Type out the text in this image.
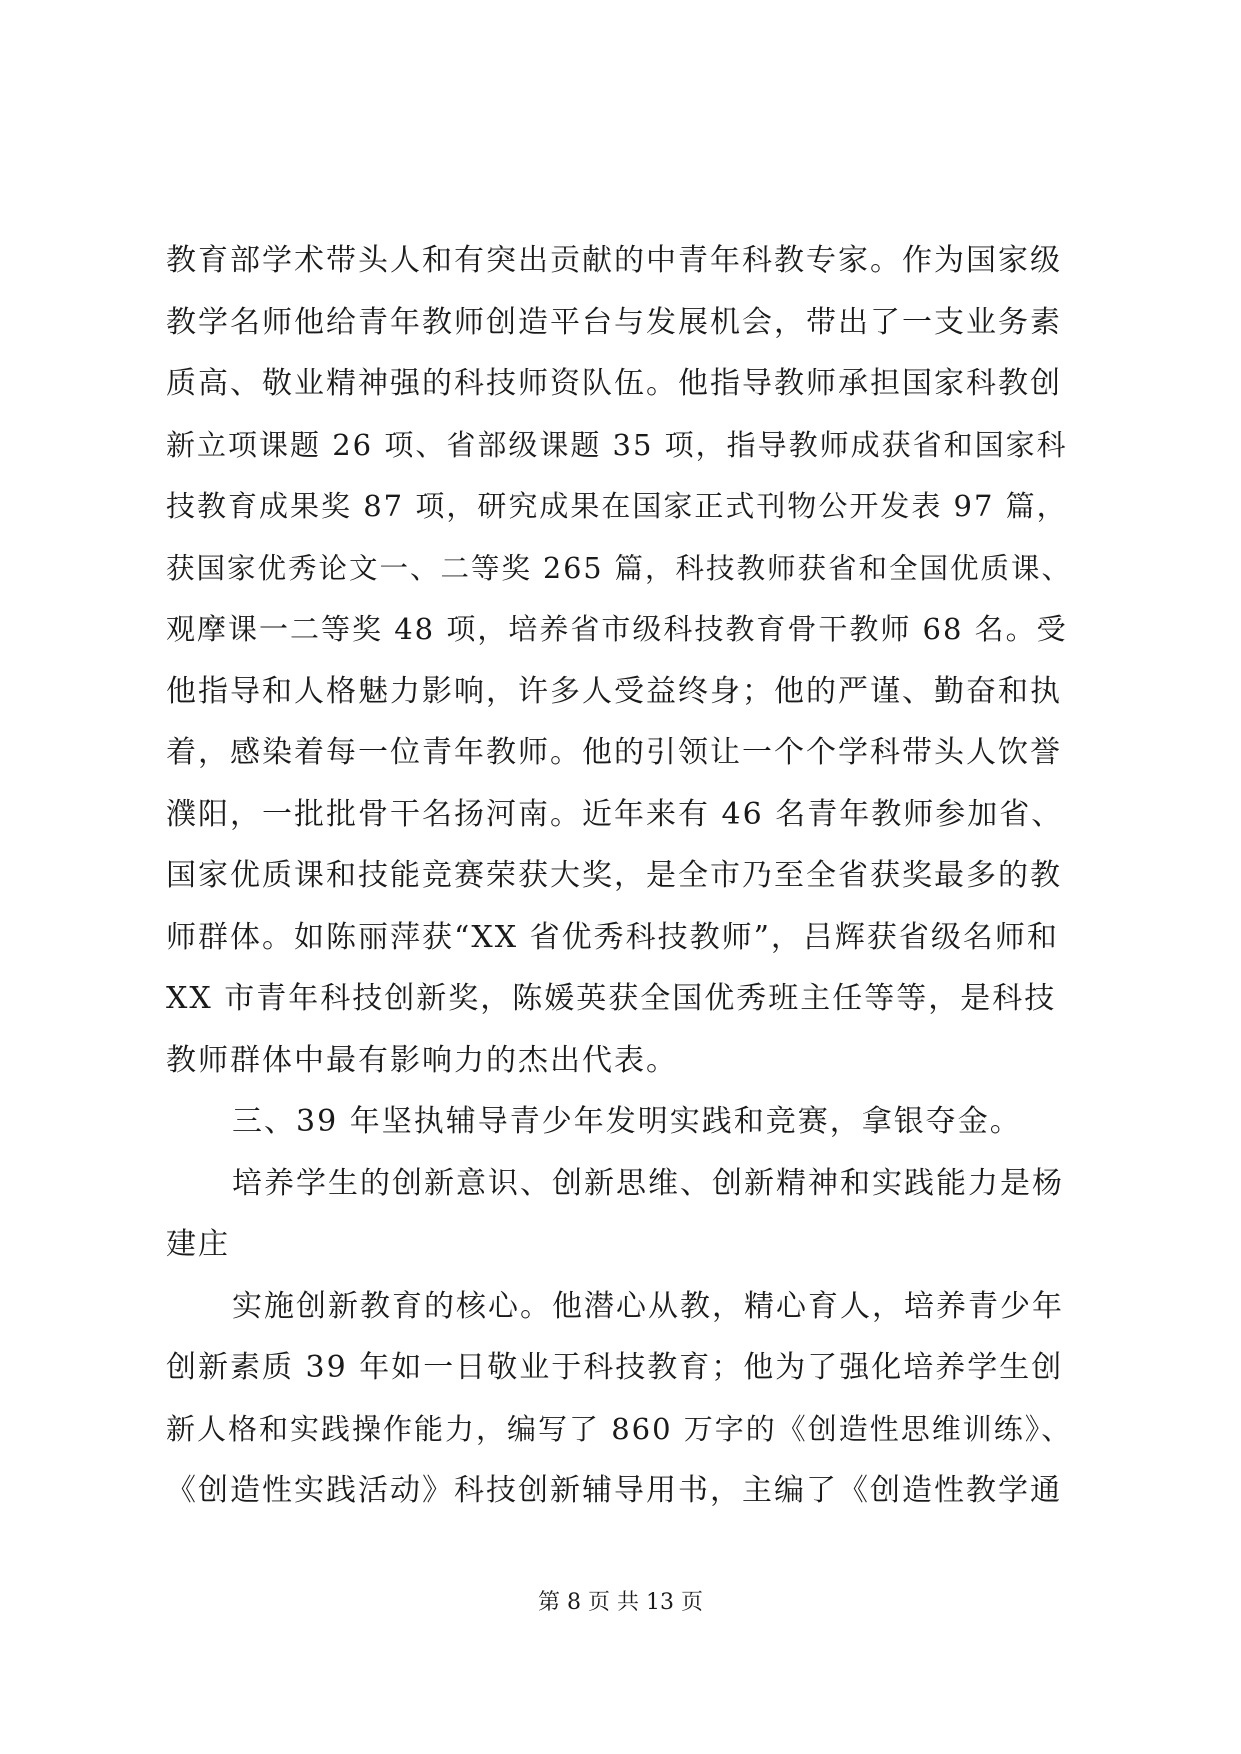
教育部学术带头人和有突出贡献的中青年科教专家。作为国家级
教学名师他给青年教师创造平台与发展机会，带出了一支业务素
质高、敬业精神强的科技师资队伍。他指导教师承担国家科教创
新立项课题 26 项、省部级课题 35 项，指导教师成获省和国家科
技教育成果奖 87 项，研究成果在国家正式刊物公开发表 97 篇，
获国家优秀论文一、二等奖 265 篇，科技教师获省和全国优质课、
观摩课一二等奖 48 项，培养省市级科技教育骨干教师 68 名。受
他指导和人格魅力影响，许多人受益终身；他的严谨、勤奋和执
着，感染着每一位青年教师。他的引领让一个个学科带头人饮誉
濮阳，一批批骨干名扬河南。近年来有 46 名青年教师参加省、
国家优质课和技能竞赛荣获大奖，是全市乃至全省获奖最多的教
师群体。如陈丽萍获“XX 省优秀科技教师”，吕辉获省级名师和
XX 市青年科技创新奖，陈媛英获全国优秀班主任等等，是科技
教师群体中最有影响力的杰出代表。
三、39 年坚执辅导青少年发明实践和竞赛，拿银夺金。
培养学生的创新意识、创新思维、创新精神和实践能力是杨
建庄
实施创新教育的核心。他潜心从教，精心育人，培养青少年
创新素质 39 年如一日敬业于科技教育；他为了强化培养学生创
新人格和实践操作能力，编写了 860 万字的《创造性思维训练》、
《创造性实践活动》科技创新辅导用书，主编了《创造性教学通
第 8 页 共 13 页
